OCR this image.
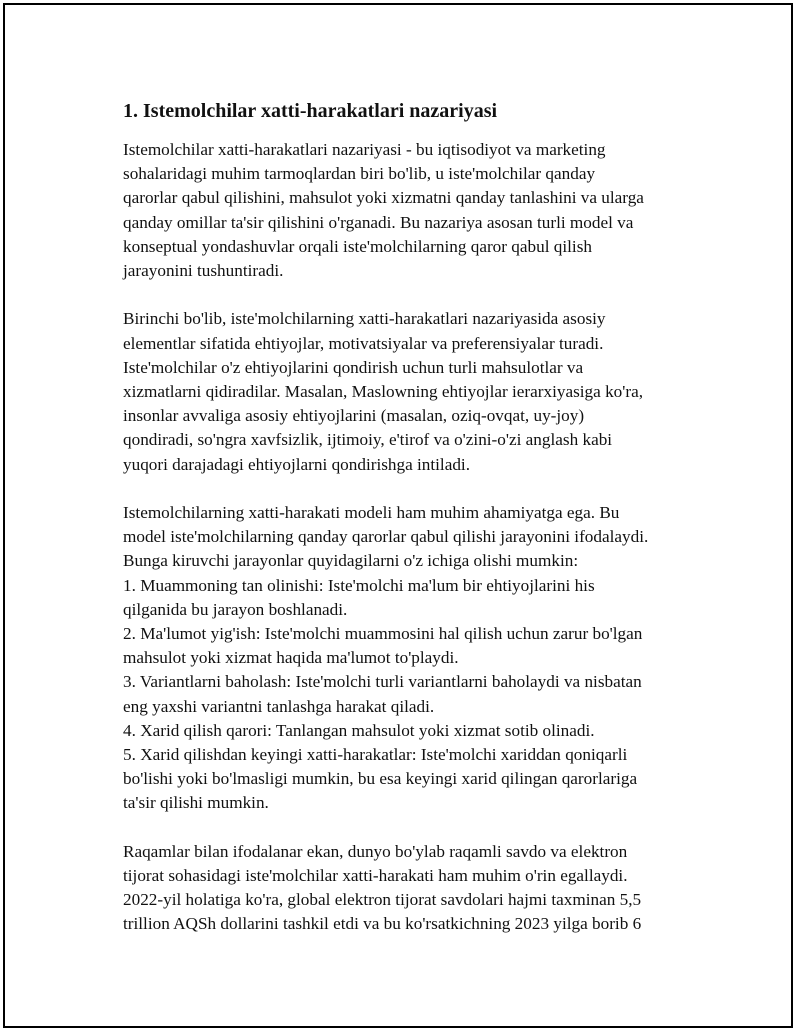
1. Istemolchilar xatti-harakatlari nazariyasi
Istemolchilar xatti-harakatlari nazariyasi - bu iqtisodiyot va marketing
sohalaridagi muhim tarmoqlardan biri bo'lib, u iste'molchilar qanday
qarorlar qabul qilishini, mahsulot yoki xizmatni qanday tanlashini va ularga
qanday omillar ta'sir qilishini o'rganadi. Bu nazariya asosan turli model va
konseptual yondashuvlar orqali iste'molchilarning qaror qabul qilish
jarayonini tushuntiradi.
Birinchi bo'lib, iste'molchilarning xatti-harakatlari nazariyasida asosiy
elementlar sifatida ehtiyojlar, motivatsiyalar va preferensiyalar turadi.
Iste'molchilar o'z ehtiyojlarini qondirish uchun turli mahsulotlar va
xizmatlarni qidiradilar. Masalan, Maslowning ehtiyojlar ierarxiyasiga ko'ra,
insonlar avvaliga asosiy ehtiyojlarini (masalan, oziq-ovqat, uy-joy)
qondiradi, so'ngra xavfsizlik, ijtimoiy, e'tirof va o'zini-o'zi anglash kabi
yuqori darajadagi ehtiyojlarni qondirishga intiladi.
Istemolchilarning xatti-harakati modeli ham muhim ahamiyatga ega. Bu
model iste'molchilarning qanday qarorlar qabul qilishi jarayonini ifodalaydi.
Bunga kiruvchi jarayonlar quyidagilarni o'z ichiga olishi mumkin:
1. Muammoning tan olinishi: Iste'molchi ma'lum bir ehtiyojlarini his
qilganida bu jarayon boshlanadi.
2. Ma'lumot yig'ish: Iste'molchi muammosini hal qilish uchun zarur bo'lgan
mahsulot yoki xizmat haqida ma'lumot to'playdi.
3. Variantlarni baholash: Iste'molchi turli variantlarni baholaydi va nisbatan
eng yaxshi variantni tanlashga harakat qiladi.
4. Xarid qilish qarori: Tanlangan mahsulot yoki xizmat sotib olinadi.
5. Xarid qilishdan keyingi xatti-harakatlar: Iste'molchi xariddan qoniqarli
bo'lishi yoki bo'lmasligi mumkin, bu esa keyingi xarid qilingan qarorlariga
ta'sir qilishi mumkin.
Raqamlar bilan ifodalanar ekan, dunyo bo'ylab raqamli savdo va elektron
tijorat sohasidagi iste'molchilar xatti-harakati ham muhim o'rin egallaydi.
2022-yil holatiga ko'ra, global elektron tijorat savdolari hajmi taxminan 5,5
trillion AQSh dollarini tashkil etdi va bu ko'rsatkichning 2023 yilga borib 6
